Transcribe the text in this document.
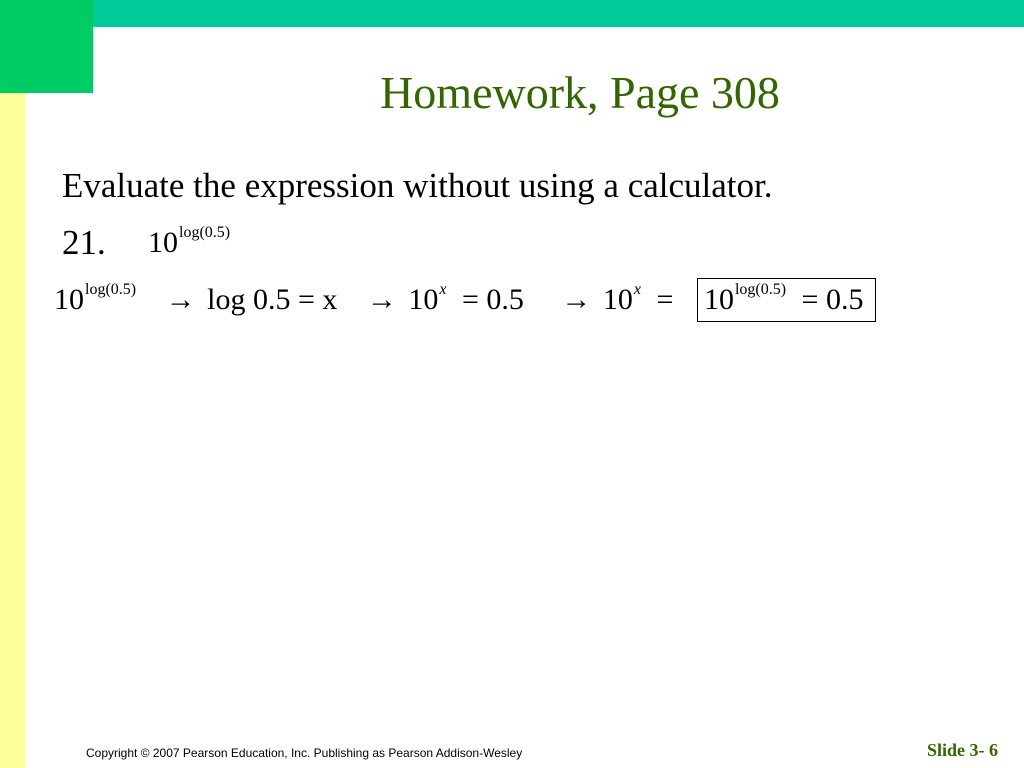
Homework, Page 308
Evaluate the expression without using a calculator.
21. $10^{log(0.5)}$
$10^{log(0.5)} \to \log 0.5 = x \to 10^x = 0.5 \to 10^x = 10^{log(0.5)} = 0.5$
Copyright © 2007 Pearson Education, Inc. Publishing as Pearson Addison-Wesley	Slide 3- 6
